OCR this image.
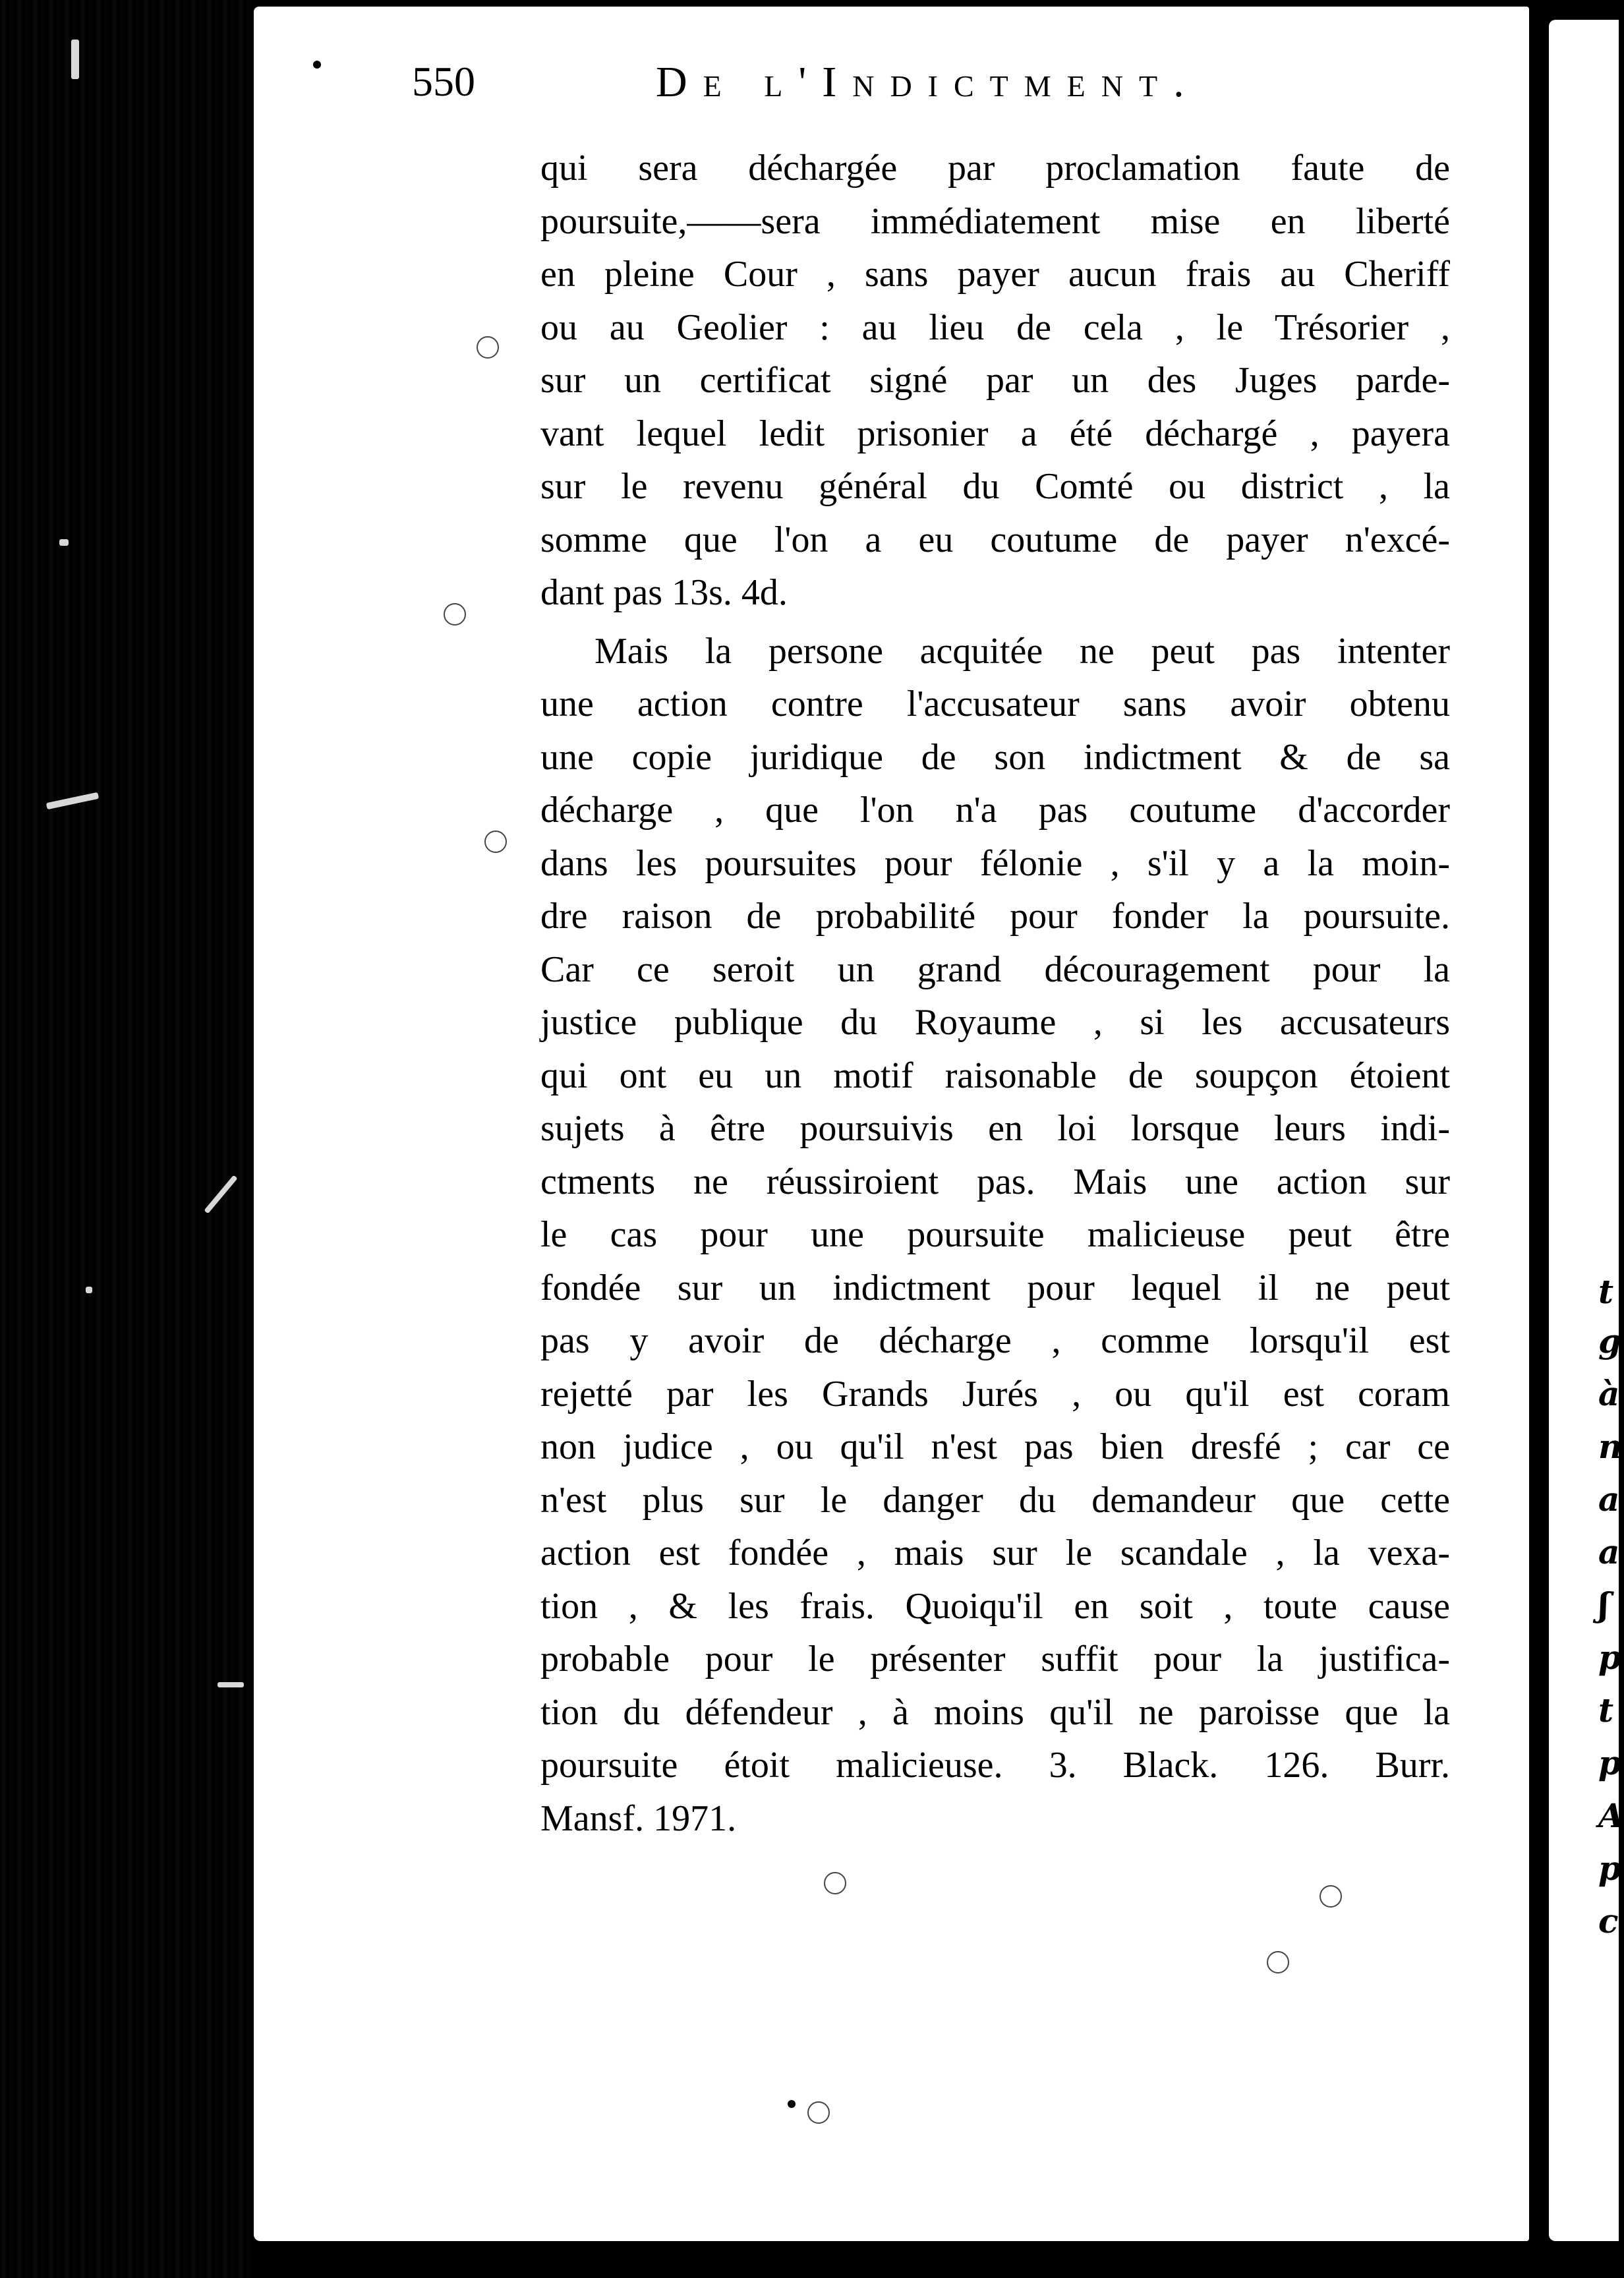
t
g
à
n
a
a
ʃ
p
t
p
A
p
c
550	De l'Indictment.
qui sera déchargée par proclamation faute de
poursuite,——sera immédiatement mise en liberté
en pleine Cour , sans payer aucun frais au Cheriff
ou au Geolier : au lieu de cela , le Trésorier ,
sur un certificat signé par un des Juges parde-
vant lequel ledit prisonier a été déchargé , payera
sur le revenu général du Comté ou district , la
somme que l'on a eu coutume de payer n'excé-
dant pas 13s. 4d.
Mais la persone acquitée ne peut pas intenter
une action contre l'accusateur sans avoir obtenu
une copie juridique de son indictment & de sa
décharge , que l'on n'a pas coutume d'accorder
dans les poursuites pour félonie , s'il y a la moin-
dre raison de probabilité pour fonder la poursuite.
Car ce seroit un grand découragement pour la
justice publique du Royaume , si les accusateurs
qui ont eu un motif raisonable de soupçon étoient
sujets à être poursuivis en loi lorsque leurs indi-
ctments ne réussiroient pas. Mais une action sur
le cas pour une poursuite malicieuse peut être
fondée sur un indictment pour lequel il ne peut
pas y avoir de décharge , comme lorsqu'il est
rejetté par les Grands Jurés , ou qu'il est coram
non judice , ou qu'il n'est pas bien dresfé ; car ce
n'est plus sur le danger du demandeur que cette
action est fondée , mais sur le scandale , la vexa-
tion , & les frais. Quoiqu'il en soit , toute cause
probable pour le présenter suffit pour la justifica-
tion du défendeur , à moins qu'il ne paroisse que la
poursuite étoit malicieuse. 3. Black. 126. Burr.
Mansf. 1971.
